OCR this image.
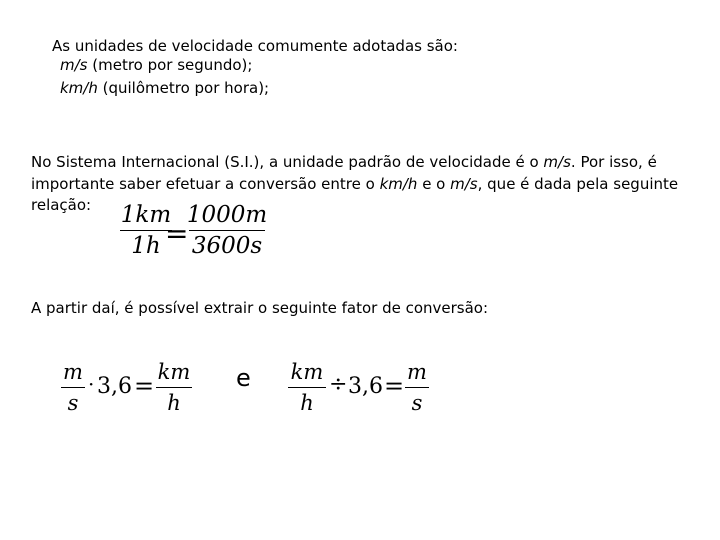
As unidades de velocidade comumente adotadas são:
m/s (metro por segundo);
km/h (quilômetro por hora);
No Sistema Internacional (S.I.), a unidade padrão de velocidade é o m/s. Por isso, é
importante saber efetuar a conversão entre o km/h e o m/s, que é dada pela seguinte
relação: 1km
1h =
1000m
3600s
A partir daí, é possível extrair o seguinte fator de conversão:
m
s
· 3,6 = km
h
e km
h
÷ 3,6 = m
s
